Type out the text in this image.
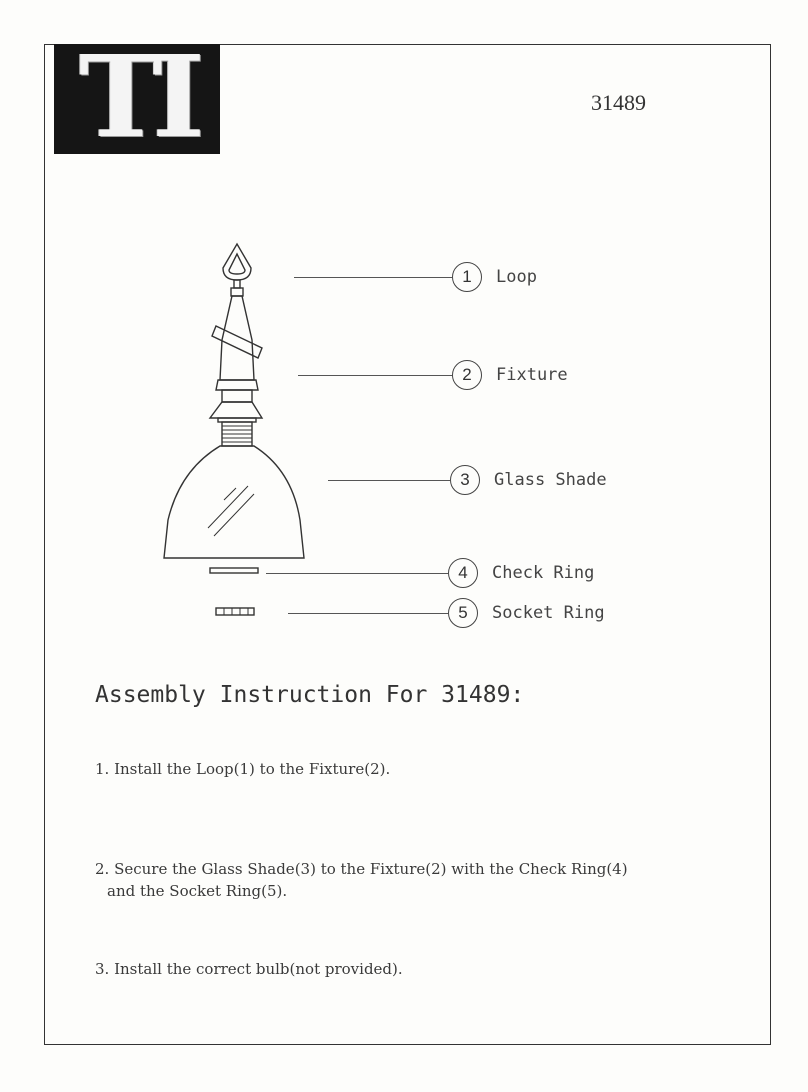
TI	31489
1	Loop
2	Fixture
3	Glass Shade
4	Check Ring
5	Socket Ring
Assembly Instruction For 31489:
1. Install the Loop(1) to the Fixture(2).
2. Secure the Glass Shade(3) to the Fixture(2) with the Check Ring(4)
and the Socket Ring(5).
3. Install the correct bulb(not provided).
